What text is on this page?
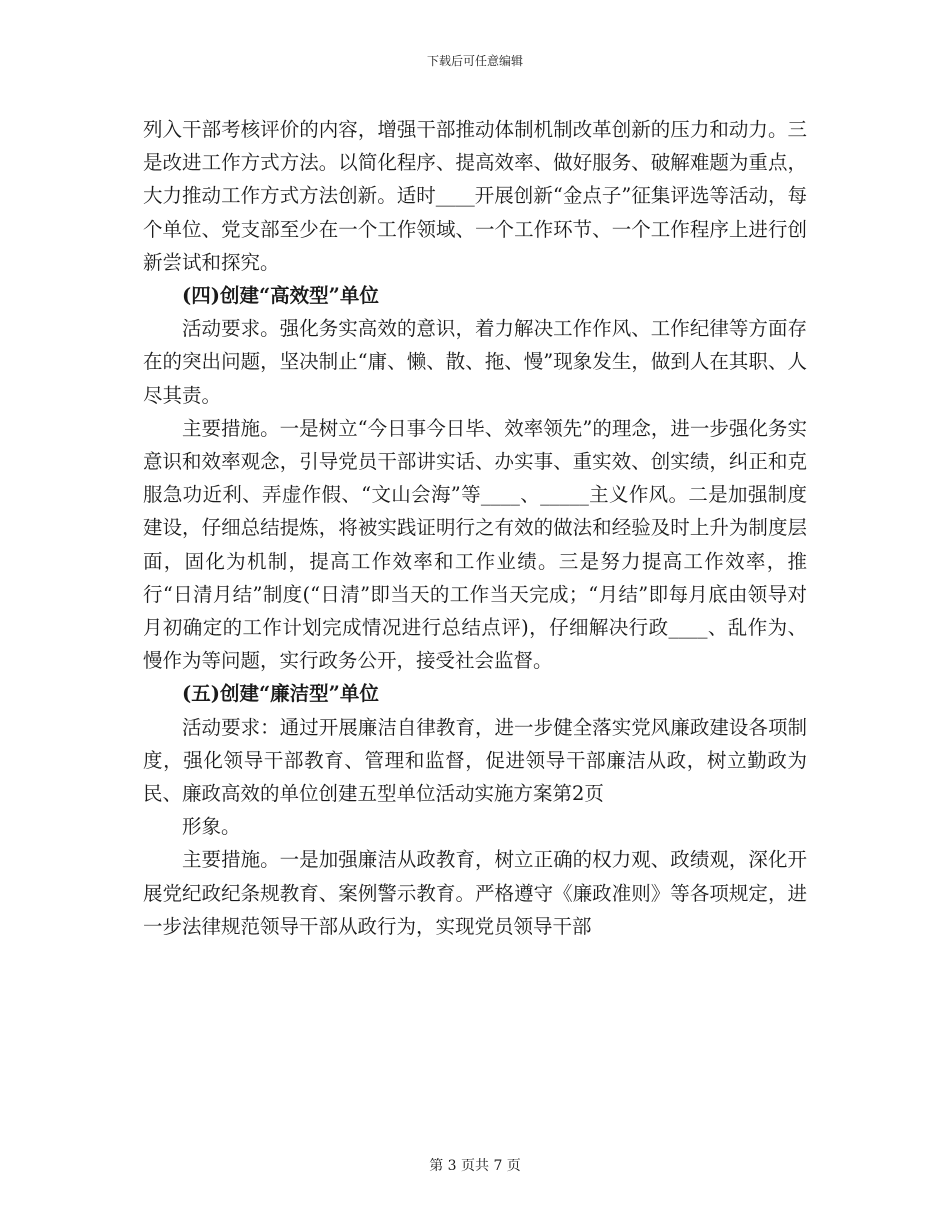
下载后可任意编辑

列入干部考核评价的内容，增强干部推动体制机制改革创新的压力和动力。三是改进工作方式方法。以简化程序、提高效率、做好服务、破解难题为重点，大力推动工作方式方法创新。适时____开展创新“金点子”征集评选等活动，每个单位、党支部至少在一个工作领域、一个工作环节、一个工作程序上进行创新尝试和探究。

(四)创建“高效型”单位

活动要求。强化务实高效的意识，着力解决工作作风、工作纪律等方面存在的突出问题，坚决制止“庸、懒、散、拖、慢”现象发生，做到人在其职、人尽其责。

主要措施。一是树立“今日事今日毕、效率领先”的理念，进一步强化务实意识和效率观念，引导党员干部讲实话、办实事、重实效、创实绩，纠正和克服急功近利、弄虚作假、“文山会海”等____、_____主义作风。二是加强制度建设，仔细总结提炼，将被实践证明行之有效的做法和经验及时上升为制度层面，固化为机制，提高工作效率和工作业绩。三是努力提高工作效率，推行“日清月结”制度(“日清”即当天的工作当天完成；“月结”即每月底由领导对月初确定的工作计划完成情况进行总结点评)，仔细解决行政____、乱作为、慢作为等问题，实行政务公开，接受社会监督。

(五)创建“廉洁型”单位

活动要求：通过开展廉洁自律教育，进一步健全落实党风廉政建设各项制度，强化领导干部教育、管理和监督，促进领导干部廉洁从政，树立勤政为民、廉政高效的单位创建五型单位活动实施方案第2页

形象。

主要措施。一是加强廉洁从政教育，树立正确的权力观、政绩观，深化开展党纪政纪条规教育、案例警示教育。严格遵守《廉政准则》等各项规定，进一步法律规范领导干部从政行为，实现党员领导干部

第 3 页共 7 页
